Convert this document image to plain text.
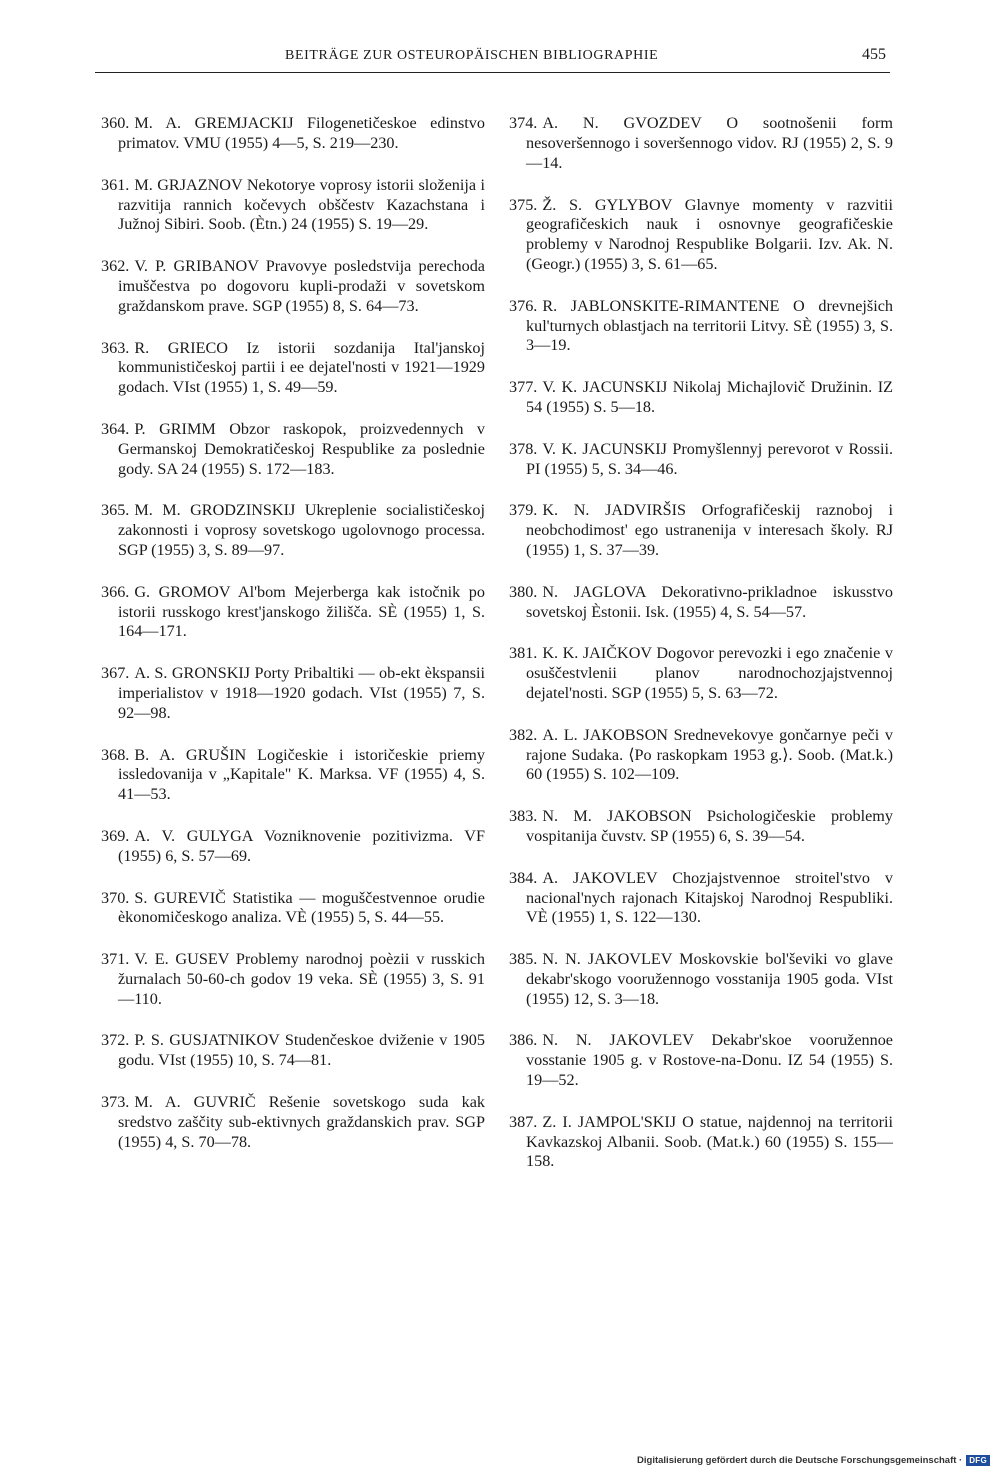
BEITRÄGE ZUR OSTEUROPÄISCHEN BIBLIOGRAPHIE	455

360. M. A. GREMJACKIJ Filogenetičeskoe edinstvo primatov. VMU (1955) 4—5, S. 219—230.

361. M. GRJAZNOV Nekotorye voprosy istorii složenija i razvitija rannich kočevych obščestv Kazachstana i Južnoj Sibiri. Soob. (Ètn.) 24 (1955) S. 19—29.

362. V. P. GRIBANOV Pravovye posledstvija perechoda imuščestva po dogovoru kupli-prodaži v sovetskom graždanskom prave. SGP (1955) 8, S. 64—73.

363. R. GRIECO Iz istorii sozdanija Ital'janskoj kommunističeskoj partii i ee dejatel'nosti v 1921—1929 godach. VIst (1955) 1, S. 49—59.

364. P. GRIMM Obzor raskopok, proizvedennych v Germanskoj Demokratičeskoj Respublike za poslednie gody. SA 24 (1955) S. 172—183.

365. M. M. GRODZINSKIJ Ukreplenie socialističeskoj zakonnosti i voprosy sovetskogo ugolovnogo processa. SGP (1955) 3, S. 89—97.

366. G. GROMOV Al'bom Mejerberga kak istočnik po istorii russkogo krest'janskogo žilišča. SÈ (1955) 1, S. 164—171.

367. A. S. GRONSKIJ Porty Pribaltiki — ob-ekt èkspansii imperialistov v 1918—1920 godach. VIst (1955) 7, S. 92—98.

368. B. A. GRUŠIN Logičeskie i istoričeskie priemy issledovanija v „Kapitale" K. Marksa. VF (1955) 4, S. 41—53.

369. A. V. GULYGA Vozniknovenie pozitivizma. VF (1955) 6, S. 57—69.

370. S. GUREVIČ Statistika — moguščestvennoe orudie èkonomičeskogo analiza. VÈ (1955) 5, S. 44—55.

371. V. E. GUSEV Problemy narodnoj poèzii v russkich žurnalach 50-60-ch godov 19 veka. SÈ (1955) 3, S. 91—110.

372. P. S. GUSJATNIKOV Studenčeskoe dviženie v 1905 godu. VIst (1955) 10, S. 74—81.

373. M. A. GUVRIČ Rešenie sovetskogo suda kak sredstvo zaščity sub-ektivnych graždanskich prav. SGP (1955) 4, S. 70—78.

374. A. N. GVOZDEV O sootnošenii form nesoveršennogo i soveršennogo vidov. RJ (1955) 2, S. 9—14.

375. Ž. S. GYLYBOV Glavnye momenty v razvitii geografičeskich nauk i osnovnye geografičeskie problemy v Narodnoj Respublike Bolgarii. Izv. Ak. N. (Geogr.) (1955) 3, S. 61—65.

376. R. JABLONSKITE-RIMANTENE O drevnejšich kul'turnych oblastjach na territorii Litvy. SÈ (1955) 3, S. 3—19.

377. V. K. JACUNSKIJ Nikolaj Michajlovič Družinin. IZ 54 (1955) S. 5—18.

378. V. K. JACUNSKIJ Promyšlennyj perevorot v Rossii. PI (1955) 5, S. 34—46.

379. K. N. JADVIRŠIS Orfografičeskij raznoboj i neobchodimost' ego ustranenija v interesach školy. RJ (1955) 1, S. 37—39.

380. N. JAGLOVA Dekorativno-prikladnoe iskusstvo sovetskoj Èstonii. Isk. (1955) 4, S. 54—57.

381. K. K. JAIČKOV Dogovor perevozki i ego značenie v osuščestvlenii planov narodnochozjajstvennoj dejatel'nosti. SGP (1955) 5, S. 63—72.

382. A. L. JAKOBSON Srednevekovye gončarnye peči v rajone Sudaka. ⟨Po raskopkam 1953 g.⟩. Soob. (Mat.k.) 60 (1955) S. 102—109.

383. N. M. JAKOBSON Psichologičeskie problemy vospitanija čuvstv. SP (1955) 6, S. 39—54.

384. A. JAKOVLEV Chozjajstvennoe stroitel'stvo v nacional'nych rajonach Kitajskoj Narodnoj Respubliki. VÈ (1955) 1, S. 122—130.

385. N. N. JAKOVLEV Moskovskie bol'ševiki vo glave dekabr'skogo vooružennogo vosstanija 1905 goda. VIst (1955) 12, S. 3—18.

386. N. N. JAKOVLEV Dekabr'skoe vooružennoe vosstanie 1905 g. v Rostove-na-Donu. IZ 54 (1955) S. 19—52.

387. Z. I. JAMPOL'SKIJ O statue, najdennoj na territorii Kavkazskoj Albanii. Soob. (Mat.k.) 60 (1955) S. 155—158.

Digitalisierung gefördert durch die Deutsche Forschungsgemeinschaft · DFG
